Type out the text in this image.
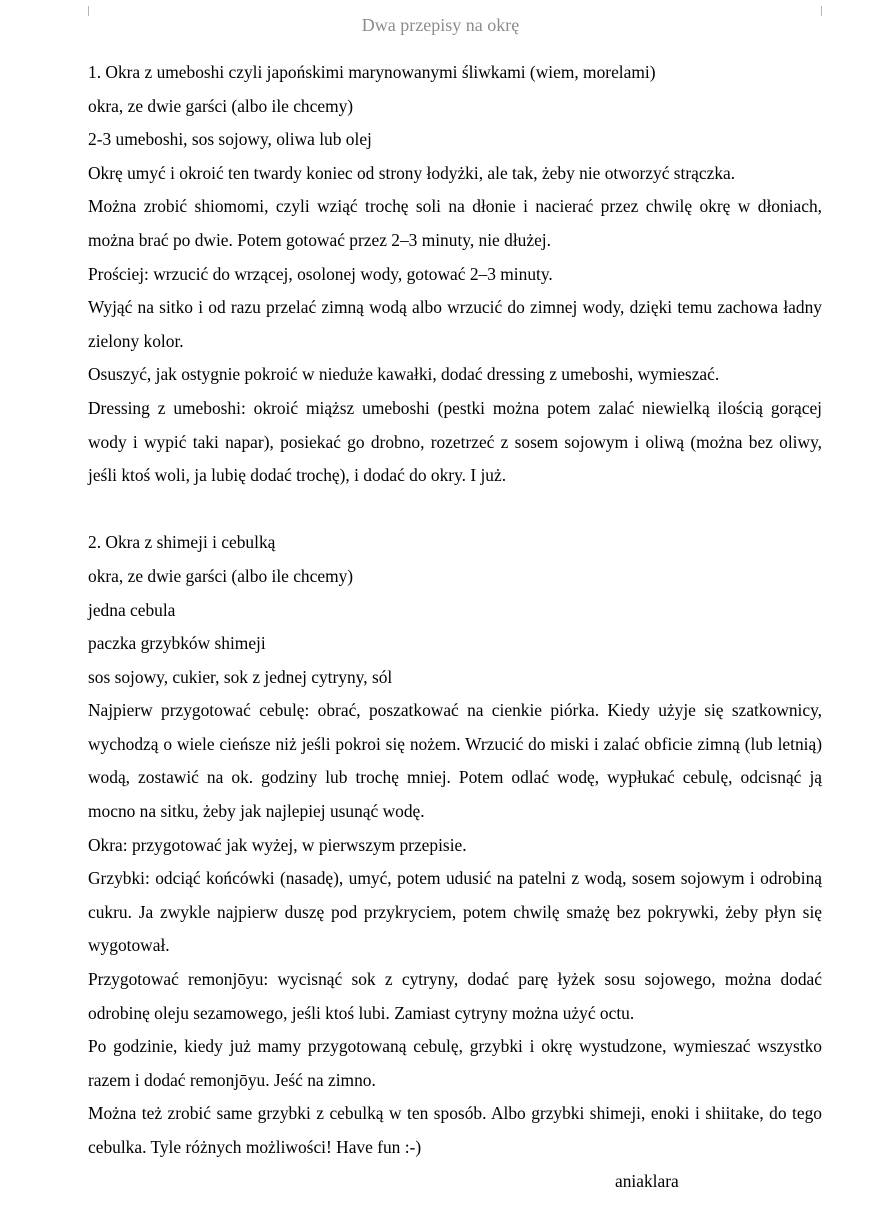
Dwa przepisy na okrę

1. Okra z umeboshi czyli japońskimi marynowanymi śliwkami (wiem, morelami)

okra, ze dwie garści (albo ile chcemy)

2-3 umeboshi, sos sojowy, oliwa lub olej

Okrę umyć i okroić ten twardy koniec od strony łodyżki, ale tak, żeby nie otworzyć strączka.

Można zrobić shiomomi, czyli wziąć trochę soli na dłonie i nacierać przez chwilę okrę w dłoniach, można brać po dwie. Potem gotować przez 2–3 minuty, nie dłużej.

Prościej: wrzucić do wrzącej, osolonej wody, gotować 2–3 minuty.

Wyjąć na sitko i od razu przelać zimną wodą albo wrzucić do zimnej wody, dzięki temu zachowa ładny zielony kolor.

Osuszyć, jak ostygnie pokroić w nieduże kawałki, dodać dressing z umeboshi, wymieszać.

Dressing z umeboshi: okroić miąższ umeboshi (pestki można potem zalać niewielką ilością gorącej wody i wypić taki napar), posiekać go drobno, rozetrzeć z sosem sojowym i oliwą (można bez oliwy, jeśli ktoś woli, ja lubię dodać trochę), i dodać do okry. I już.

2. Okra z shimeji i cebulką

okra, ze dwie garści (albo ile chcemy)

jedna cebula

paczka grzybków shimeji

sos sojowy, cukier, sok z jednej cytryny, sól

Najpierw przygotować cebulę: obrać, poszatkować na cienkie piórka. Kiedy użyje się szatkownicy, wychodzą o wiele cieńsze niż jeśli pokroi się nożem. Wrzucić do miski i zalać obficie zimną (lub letnią) wodą, zostawić na ok. godziny lub trochę mniej. Potem odlać wodę, wypłukać cebulę, odcisnąć ją mocno na sitku, żeby jak najlepiej usunąć wodę.

Okra: przygotować jak wyżej, w pierwszym przepisie.

Grzybki: odciąć końcówki (nasadę), umyć, potem udusić na patelni z wodą, sosem sojowym i odrobiną cukru. Ja zwykle najpierw duszę pod przykryciem, potem chwilę smażę bez pokrywki, żeby płyn się wygotował.

Przygotować remonjōyu: wycisnąć sok z cytryny, dodać parę łyżek sosu sojowego, można dodać odrobinę oleju sezamowego, jeśli ktoś lubi. Zamiast cytryny można użyć octu.

Po godzinie, kiedy już mamy przygotowaną cebulę, grzybki i okrę wystudzone, wymieszać wszystko razem i dodać remonjōyu. Jeść na zimno.

Można też zrobić same grzybki z cebulką w ten sposób. Albo grzybki shimeji, enoki i shiitake, do tego cebulka. Tyle różnych możliwości! Have fun :-)

aniaklara
